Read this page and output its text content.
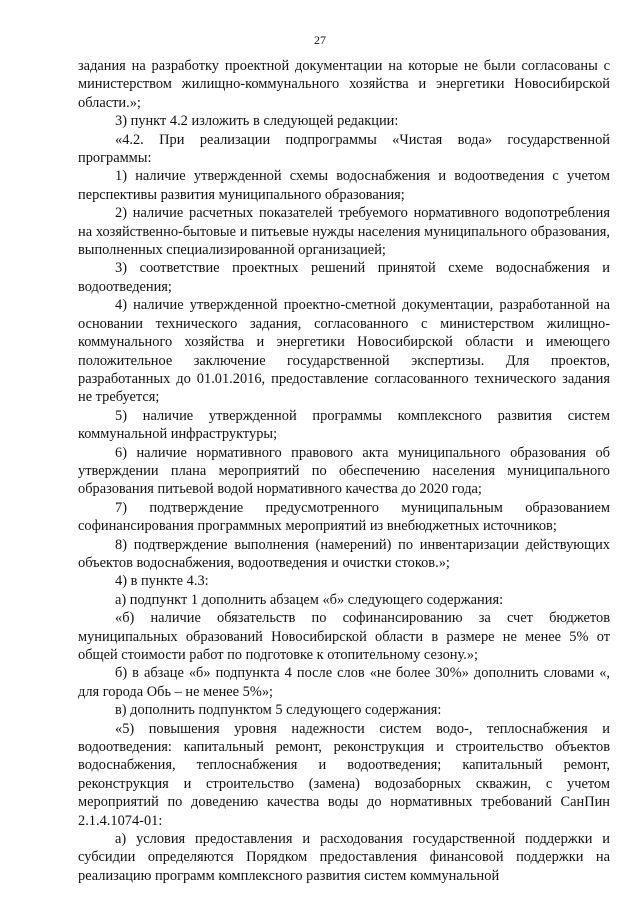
27

задания на разработку проектной документации на которые не были согласованы с министерством жилищно-коммунального хозяйства и энергетики Новосибирской области.»;

3) пункт 4.2 изложить в следующей редакции:

«4.2. При реализации подпрограммы «Чистая вода» государственной программы:

1) наличие утвержденной схемы водоснабжения и водоотведения с учетом перспективы развития муниципального образования;

2) наличие расчетных показателей требуемого нормативного водопотребления на хозяйственно-бытовые и питьевые нужды населения муниципального образования, выполненных специализированной организацией;

3) соответствие проектных решений принятой схеме водоснабжения и водоотведения;

4) наличие утвержденной проектно-сметной документации, разработанной на основании технического задания, согласованного с министерством жилищно-коммунального хозяйства и энергетики Новосибирской области и имеющего положительное заключение государственной экспертизы. Для проектов, разработанных до 01.01.2016, предоставление согласованного технического задания не требуется;

5) наличие утвержденной программы комплексного развития систем коммунальной инфраструктуры;

6) наличие нормативного правового акта муниципального образования об утверждении плана мероприятий по обеспечению населения муниципального образования питьевой водой нормативного качества до 2020 года;

7) подтверждение предусмотренного муниципальным образованием софинансирования программных мероприятий из внебюджетных источников;

8) подтверждение выполнения (намерений) по инвентаризации действующих объектов водоснабжения, водоотведения и очистки стоков.»;

4) в пункте 4.3:

а) подпункт 1 дополнить абзацем «б» следующего содержания:

«б) наличие обязательств по софинансированию за счет бюджетов муниципальных образований Новосибирской области в размере не менее 5% от общей стоимости работ по подготовке к отопительному сезону.»;

б) в абзаце «б» подпункта 4 после слов «не более 30%» дополнить словами «, для города Обь – не менее 5%»;

в) дополнить подпунктом 5 следующего содержания:

«5) повышения уровня надежности систем водо-, теплоснабжения и водоотведения: капитальный ремонт, реконструкция и строительство объектов водоснабжения, теплоснабжения и водоотведения; капитальный ремонт, реконструкция и строительство (замена) водозаборных скважин, с учетом мероприятий по доведению качества воды до нормативных требований СанПин 2.1.4.1074-01:

а) условия предоставления и расходования государственной поддержки и субсидии определяются Порядком предоставления финансовой поддержки на реализацию программ комплексного развития систем коммунальной
